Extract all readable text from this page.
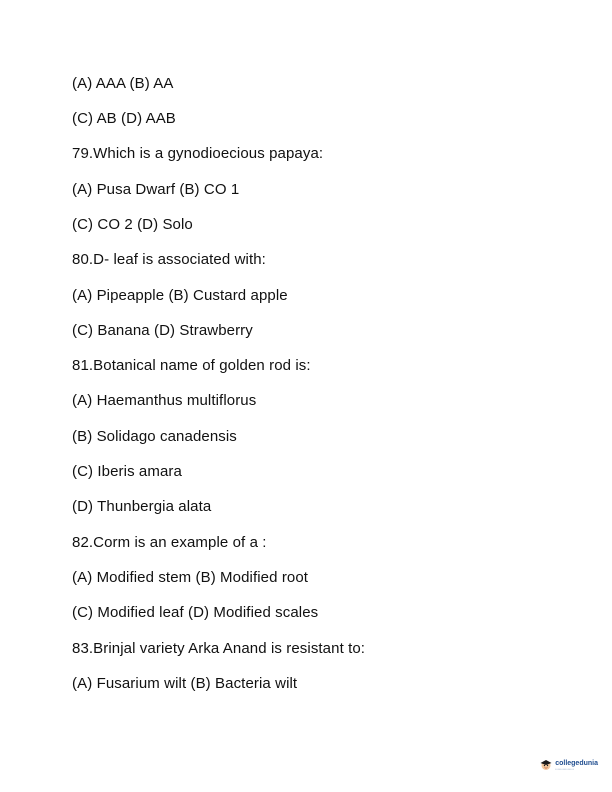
(A) AAA (B) AA
(C) AB (D) AAB
79.Which is a gynodioecious papaya:
(A) Pusa Dwarf (B) CO 1
(C) CO 2 (D) Solo
80.D- leaf is associated with:
(A) Pipeapple (B) Custard apple
(C) Banana (D) Strawberry
81.Botanical name of golden rod is:
(A) Haemanthus multiflorus
(B) Solidago canadensis
(C) Iberis amara
(D) Thunbergia alata
82.Corm is an example of a :
(A) Modified stem (B) Modified root
(C) Modified leaf (D) Modified scales
83.Brinjal variety Arka Anand is resistant to:
(A) Fusarium wilt (B) Bacteria wilt
collegedunia
•••••••••••••••
